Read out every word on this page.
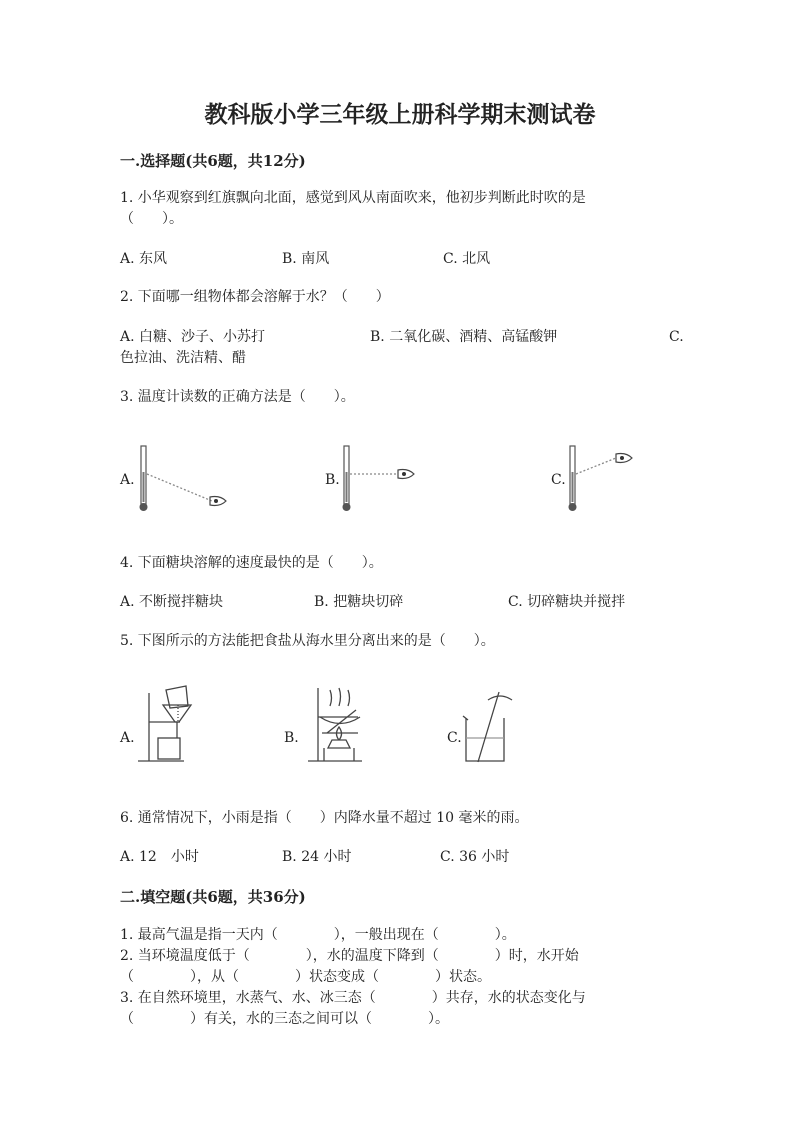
教科版小学三年级上册科学期末测试卷
一.选择题(共6题，共12分)
1. 小华观察到红旗飘向北面，感觉到风从南面吹来，他初步判断此时吹的是
（　　）。
A. 东风	B. 南风	C. 北风
2. 下面哪一组物体都会溶解于水？（　　）
A. 白糖、沙子、小苏打	B. 二氧化碳、酒精、高锰酸钾	C.
色拉油、洗洁精、醋
3. 温度计读数的正确方法是（　　）。
A.	B.	C.
4. 下面糖块溶解的速度最快的是（　　）。
A. 不断搅拌糖块	B. 把糖块切碎	C. 切碎糖块并搅拌
5. 下图所示的方法能把食盐从海水里分离出来的是（　　）。
A.	B.	C.
6. 通常情况下，小雨是指（　　）内降水量不超过 10 毫米的雨。
A. 12　小时	B. 24 小时	C. 36 小时
二.填空题(共6题，共36分)
1. 最高气温是指一天内（　　　　），一般出现在（　　　　）。
2. 当环境温度低于（　　　　），水的温度下降到（　　　　）时，水开始
（　　　　），从（　　　　）状态变成（　　　　）状态。
3. 在自然环境里，水蒸气、水、冰三态（　　　　）共存，水的状态变化与
（　　　　）有关，水的三态之间可以（　　　　）。
